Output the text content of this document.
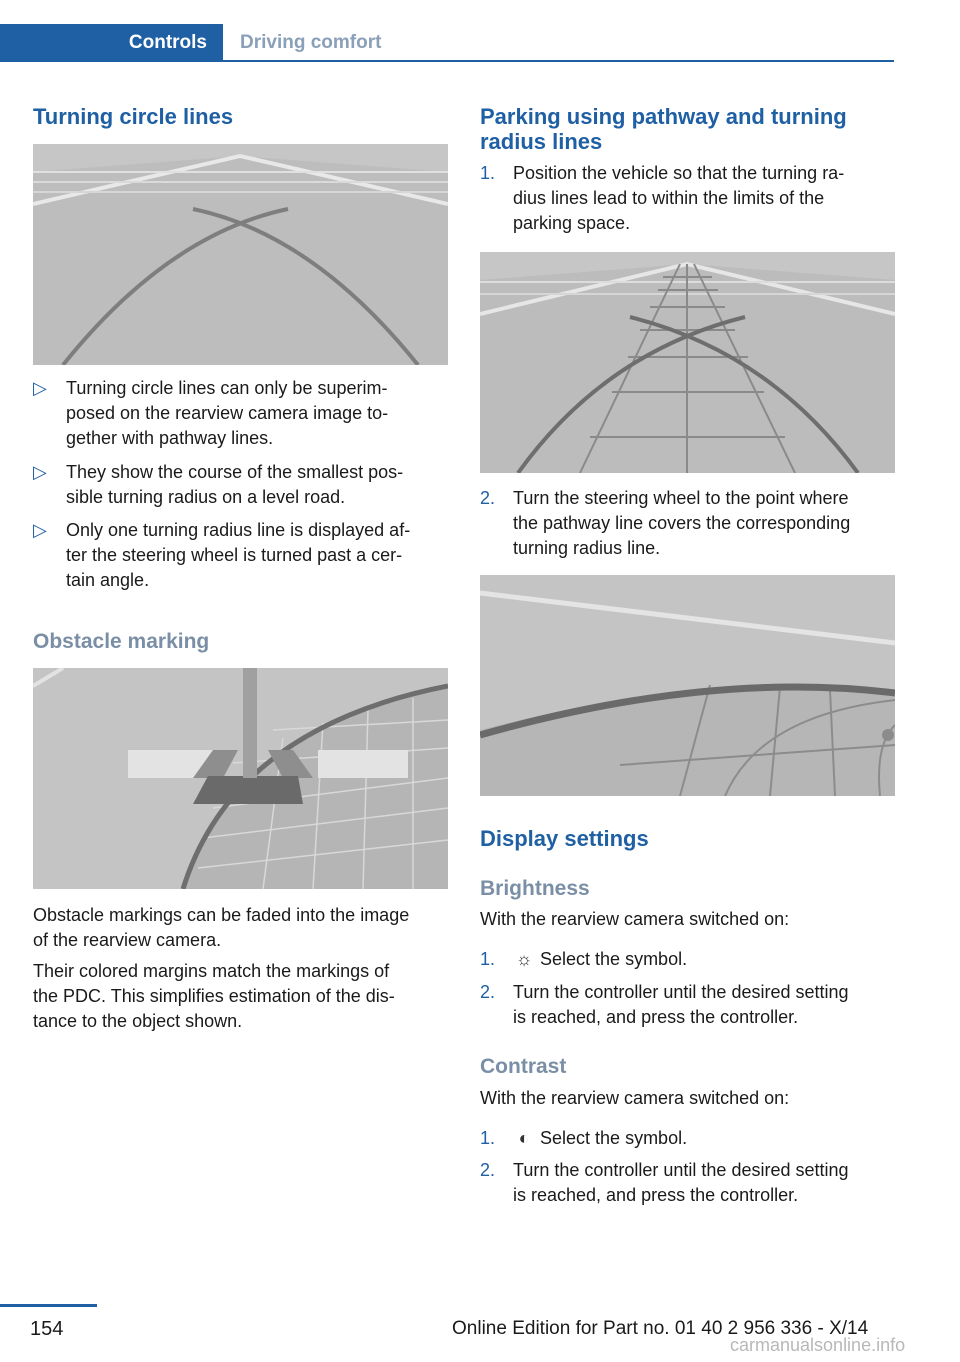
Controls	Driving comfort
Turning circle lines
▷ Turning circle lines can only be superim‐
posed on the rearview camera image to‐
gether with pathway lines.
▷ They show the course of the smallest pos‐
sible turning radius on a level road.
▷ Only one turning radius line is displayed af‐
ter the steering wheel is turned past a cer‐
tain angle.
Obstacle marking

Obstacle markings can be faded into the image
of the rearview camera.

Their colored margins match the markings of
the PDC. This simplifies estimation of the dis‐
tance to the object shown.

Parking using pathway and turning
radius lines
1. Position the vehicle so that the turning ra‐
dius lines lead to within the limits of the
parking space.
2. Turn the steering wheel to the point where
the pathway line covers the corresponding
turning radius line.
Display settings
Brightness

With the rearview camera switched on:

1. ☼ Select the symbol.
2. Turn the controller until the desired setting
is reached, and press the controller.
Contrast

With the rearview camera switched on:

1.	◐ Select the symbol.
2. Turn the controller until the desired setting
is reached, and press the controller.
154	Online Edition for Part no. 01 40 2 956 336 - X/14
carmanualsonline.info
